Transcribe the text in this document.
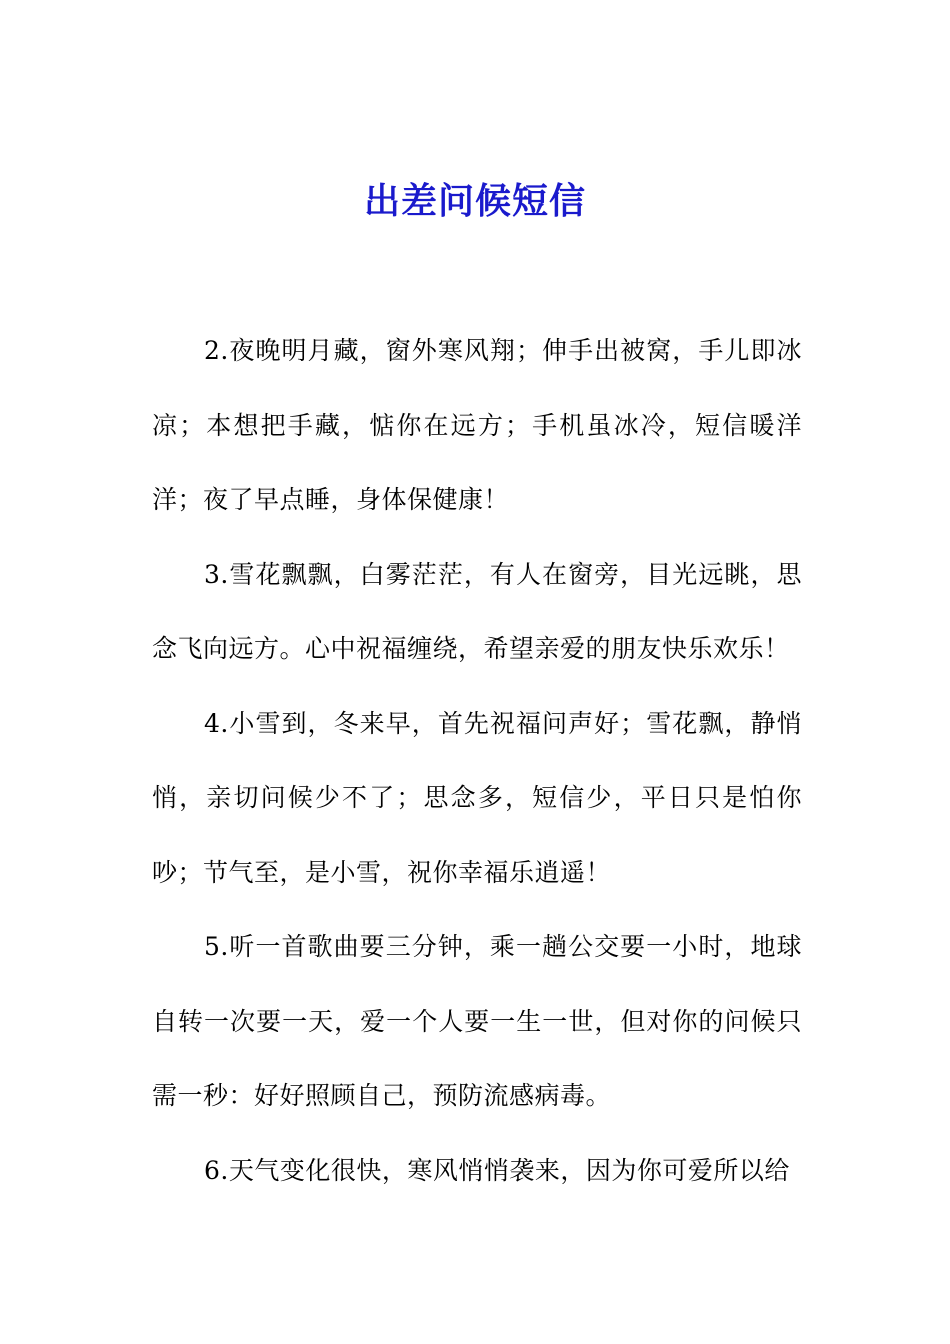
出差问候短信

2.夜晚明月藏，窗外寒风翔；伸手出被窝，手儿即冰凉；本想把手藏，惦你在远方；手机虽冰冷，短信暖洋洋；夜了早点睡，身体保健康！

3.雪花飘飘，白雾茫茫，有人在窗旁，目光远眺，思念飞向远方。心中祝福缠绕，希望亲爱的朋友快乐欢乐！

4.小雪到，冬来早，首先祝福问声好；雪花飘，静悄悄，亲切问候少不了；思念多，短信少，平日只是怕你吵；节气至，是小雪，祝你幸福乐逍遥！

5.听一首歌曲要三分钟，乘一趟公交要一小时，地球自转一次要一天，爱一个人要一生一世，但对你的问候只需一秒：好好照顾自己，预防流感病毒。

6.天气变化很快，寒风悄悄袭来，因为你可爱所以给
